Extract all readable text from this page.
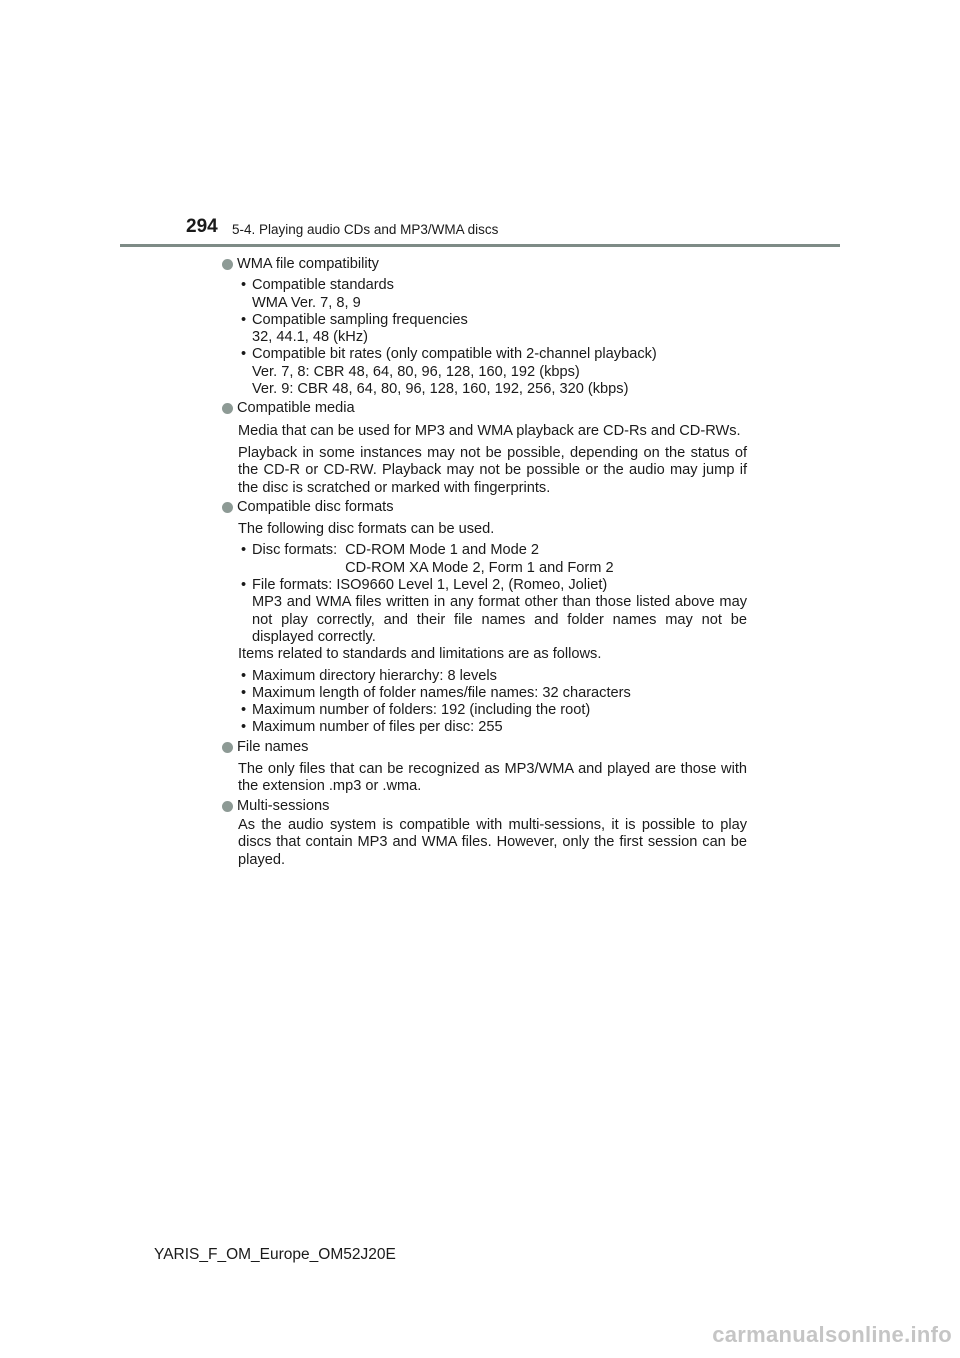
294 5-4. Playing audio CDs and MP3/WMA discs
WMA file compatibility
• Compatible standards
WMA Ver. 7, 8, 9
• Compatible sampling frequencies
32, 44.1, 48 (kHz)
• Compatible bit rates (only compatible with 2-channel playback)
Ver. 7, 8: CBR 48, 64, 80, 96, 128, 160, 192 (kbps)
Ver. 9: CBR 48, 64, 80, 96, 128, 160, 192, 256, 320 (kbps)
Compatible media

Media that can be used for MP3 and WMA playback are CD-Rs and CD-RWs.

Playback in some instances may not be possible, depending on the status of the CD-R or CD-RW. Playback may not be possible or the audio may jump if the disc is scratched or marked with fingerprints.

Compatible disc formats

The following disc formats can be used.

• Disc formats: CD-ROM Mode 1 and Mode 2
CD-ROM XA Mode 2, Form 1 and Form 2
• File formats: ISO9660 Level 1, Level 2, (Romeo, Joliet)
MP3 and WMA files written in any format other than those listed above may not play correctly, and their file names and folder names may not be displayed correctly.
Items related to standards and limitations are as follows.
• Maximum directory hierarchy: 8 levels
• Maximum length of folder names/file names: 32 characters
• Maximum number of folders: 192 (including the root)
• Maximum number of files per disc: 255
File names

The only files that can be recognized as MP3/WMA and played are those with the extension .mp3 or .wma.

Multi-sessions

As the audio system is compatible with multi-sessions, it is possible to play discs that contain MP3 and WMA files. However, only the first session can be played.

YARIS_F_OM_Europe_OM52J20E
carmanualsonline.info
